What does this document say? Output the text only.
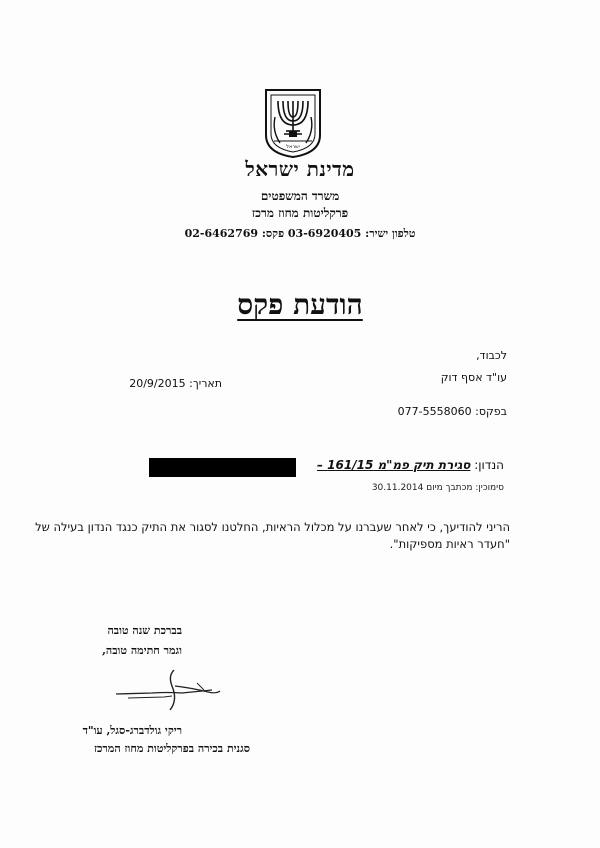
ישראל
מדינת ישראל
משרד המשפטים
פרקליטות מחוז מרכז
טלפון ישיר: 03-6920405 פקס: 02-6462769
הודעת פקס
לכבוד,
עו"ד אסף דוק
20/9/2015 :תאריך
בפקס: 077-5558060
הנדון: סגירת תיק פמ"מ 161/15 –
סימוכין: מכתבך מיום 30.11.2014
הריני להודיעך, כי לאחר שעברנו על מכלול הראיות, החלטנו לסגור את התיק כנגד הנדון בעילה של
"חעדר ראיות מספיקות".
בברכת שנה טובה
וגמר חתימה טובה,
ריקי גולדברג-סגל, עו"ד
סגנית בכירה בפרקליטות מחוז המרכז
